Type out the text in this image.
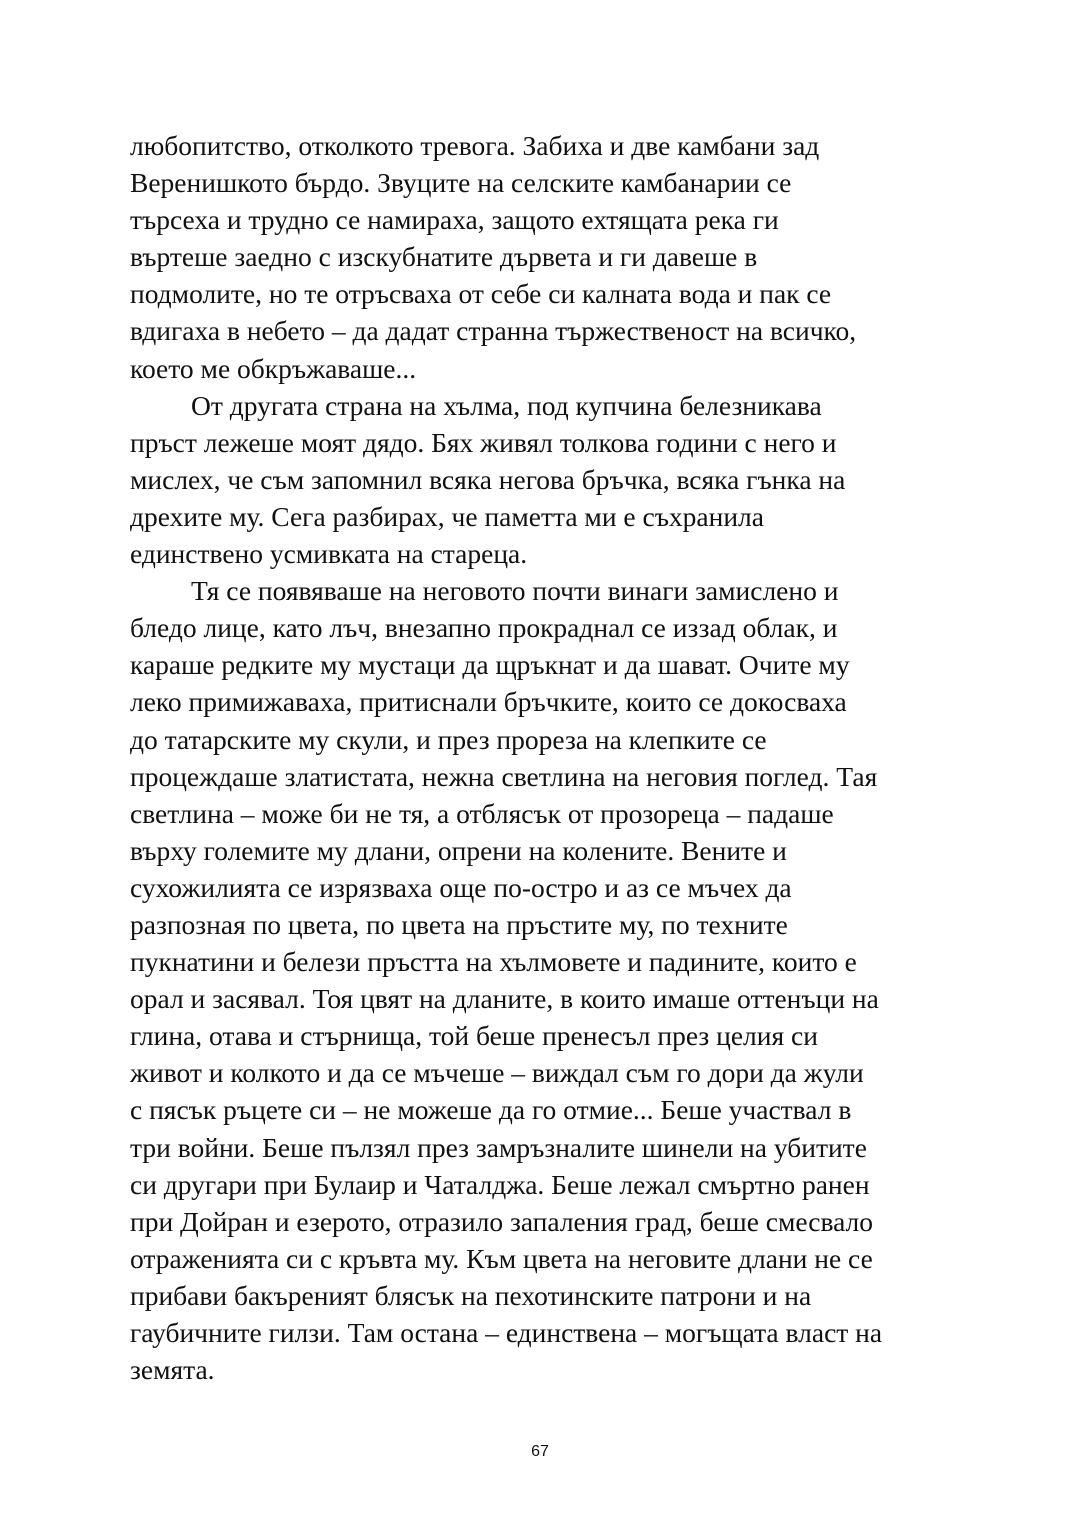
любопитство, отколкото тревога. Забиха и две камбани зад
Веренишкото бърдо. Звуците на селските камбанарии се
търсеха и трудно се намираха, защото ехтящата река ги
въртеше заедно с изскубнатите дървета и ги давеше в
подмолите, но те отръсваха от себе си калната вода и пак се
вдигаха в небето – да дадат странна тържественост на всичко,
което ме обкръжаваше...
От другата страна на хълма, под купчина белезникава
пръст лежеше моят дядо. Бях живял толкова години с него и
мислех, че съм запомнил всяка негова бръчка, всяка гънка на
дрехите му. Сега разбирах, че паметта ми е съхранила
единствено усмивката на стареца.
Тя се появяваше на неговото почти винаги замислено и
бледо лице, като лъч, внезапно прокраднал се иззад облак, и
караше редките му мустаци да щръкнат и да шават. Очите му
леко примижаваха, притиснали бръчките, които се докосваха
до татарските му скули, и през прореза на клепките се
процеждаше златистата, нежна светлина на неговия поглед. Тая
светлина – може би не тя, а отблясък от прозореца – падаше
върху големите му длани, опрени на колените. Вените и
сухожилията се изрязваха още по-остро и аз се мъчех да
разпозная по цвета, по цвета на пръстите му, по техните
пукнатини и белези пръстта на хълмовете и падините, които е
орал и засявал. Тоя цвят на дланите, в които имаше оттенъци на
глина, отава и стърнища, той беше пренесъл през целия си
живот и колкото и да се мъчеше – виждал съм го дори да жули
с пясък ръцете си – не можеше да го отмие... Беше участвал в
три войни. Беше пълзял през замръзналите шинели на убитите
си другари при Булаир и Чаталджа. Беше лежал смъртно ранен
при Дойран и езерото, отразило запаления град, беше смесвало
отраженията си с кръвта му. Към цвета на неговите длани не се
прибави бакъреният блясък на пехотинските патрони и на
гаубичните гилзи. Там остана – единствена – могъщата власт на
земята.
67
